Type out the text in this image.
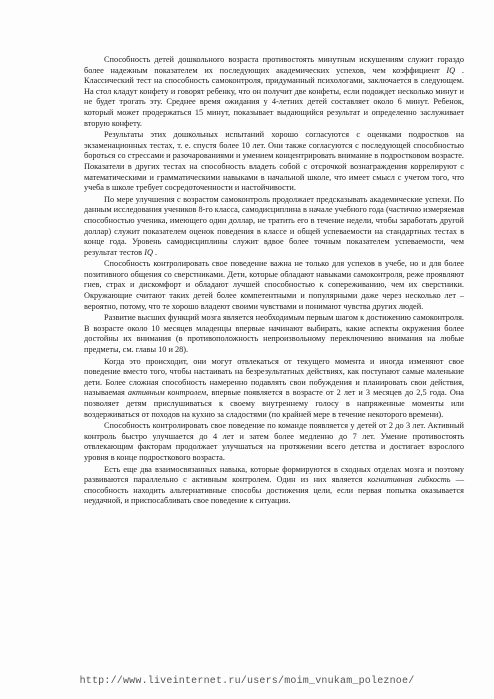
Способность детей дошкольного возраста противостоять минутным искушениям служит гораздо более надежным показателем их последующих академических успехов, чем коэффициент IQ . Классический тест на способность самоконтроля, придуманный психологами, заключается в следующем. На стол кладут конфету и говорят ребенку, что он получит две конфеты, если подождет несколько минут и не будет трогать эту. Среднее время ожидания у 4-летних детей составляет около 6 минут. Ребенок, который может продержаться 15 минут, показывает выдающийся результат и определенно заслуживает вторую конфету.

Результаты этих дошкольных испытаний хорошо согласуются с оценками подростков на экзаменационных тестах, т. е. спустя более 10 лет. Они также согласуются с последующей способностью бороться со стрессами и разочарованиями и умением концентрировать внимание в подростковом возрасте. Показатели в других тестах на способность владеть собой с отсрочкой вознаграждения коррелируют с математическими и грамматическими навыками в начальной школе, что имеет смысл с учетом того, что учеба в школе требует сосредоточенности и настойчивости.

По мере улучшения с возрастом самоконтроль продолжает предсказывать академические успехи. По данным исследования учеников 8-го класса, самодисциплина в начале учебного года (частично измеряемая способностью ученика, имеющего один доллар, не тратить его в течение недели, чтобы заработать другой доллар) служит показателем оценок поведения в классе и общей успеваемости на стандартных тестах в конце года. Уровень самодисциплины служит вдвое более точным показателем успеваемости, чем результат тестов IQ .

Способность контролировать свое поведение важна не только для успехов в учебе, но и для более позитивного общения со сверстниками. Дети, которые обладают навыками самоконтроля, реже проявляют гнев, страх и дискомфорт и обладают лучшей способностью к сопереживанию, чем их сверстники. Окружающие считают таких детей более компетентными и популярными даже через несколько лет – вероятно, потому, что те хорошо владеют своими чувствами и понимают чувства других людей.

Развитие высших функций мозга является необходимым первым шагом к достижению самоконтроля. В возрасте около 10 месяцев младенцы впервые начинают выбирать, какие аспекты окружения более достойны их внимания (в противоположность непроизвольному переключению внимания на любые предметы, см. главы 10 и 28).

Когда это происходит, они могут отвлекаться от текущего момента и иногда изменяют свое поведение вместо того, чтобы настаивать на безрезультатных действиях, как поступают самые маленькие дети. Более сложная способность намеренно подавлять свои побуждения и планировать свои действия, называемая активным контролем, впервые появляется в возрасте от 2 лет и 3 месяцев до 2,5 года. Она позволяет детям прислушиваться к своему внутреннему голосу в напряженные моменты или воздерживаться от походов на кухню за сладостями (по крайней мере в течение некоторого времени).

Способность контролировать свое поведение по команде появляется у детей от 2 до 3 лет. Активный контроль быстро улучшается до 4 лет и затем более медленно до 7 лет. Умение противостоять отвлекающим факторам продолжает улучшаться на протяжении всего детства и достигает взрослого уровня в конце подросткового возраста.

Есть еще два взаимосвязанных навыка, которые формируются в сходных отделах мозга и поэтому развиваются параллельно с активным контролем. Один из них является когнитивная гибкость — способность находить альтернативные способы достижения цели, если первая попытка оказывается неудачной, и приспосабливать свое поведение к ситуации.

http://www.liveinternet.ru/users/moim_vnukam_poleznoe/
